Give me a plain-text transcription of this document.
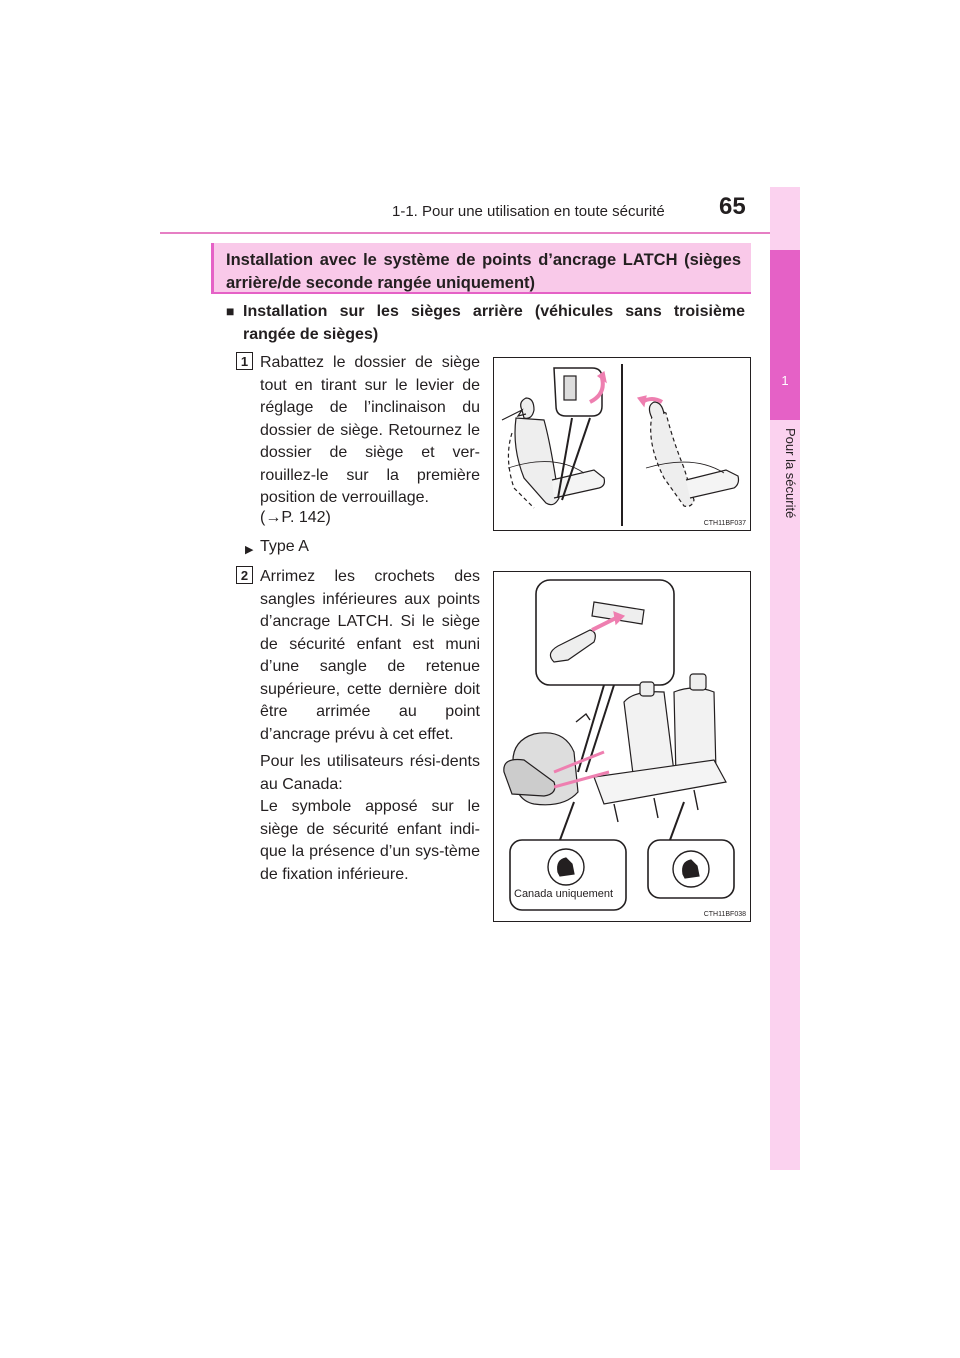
1-1. Pour une utilisation en toute sécurité 65
1
Pour la sécurité
Installation avec le système de points d’ancrage LATCH (sièges arrière/de seconde rangée uniquement)
■ Installation sur les sièges arrière (véhicules sans troisième rangée de sièges)
1 Rabattez le dossier de siège tout en tirant sur le levier de réglage de l’inclinaison du dossier de siège. Retournez le dossier de siège et ver-rouillez-le sur la première position de verrouillage.
(→P. 142)
▶ Type A
2 Arrimez les crochets des sangles inférieures aux points d’ancrage LATCH. Si le siège de sécurité enfant est muni d’une sangle de retenue supérieure, cette dernière doit être arrimée au point d’ancrage prévu à cet effet.
Pour les utilisateurs rési-dents au Canada:
Le symbole apposé sur le siège de sécurité enfant indi-que la présence d’un sys-tème de fixation inférieure.
CTH11BF037
Canada uniquement
CTH11BF038
